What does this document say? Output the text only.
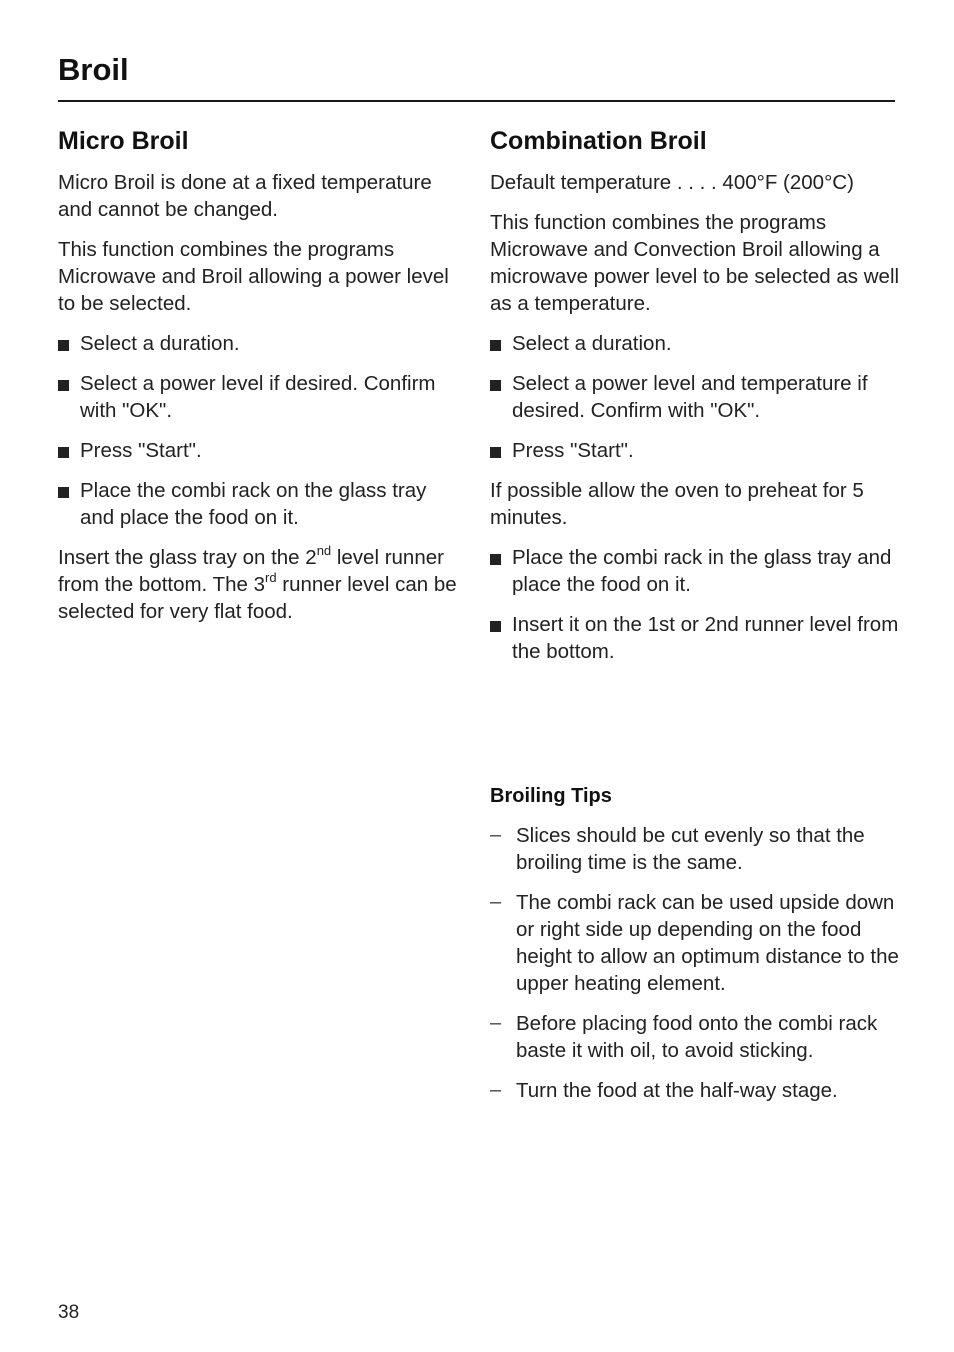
Broil
Micro Broil

Micro Broil is done at a fixed temperature and cannot be changed.

This function combines the programs Microwave and Broil allowing a power level to be selected.

Select a duration.
Select a power level if desired. Confirm with "OK".
Press "Start".
Place the combi rack on the glass tray and place the food on it.

Insert the glass tray on the 2nd level runner from the bottom. The 3rd runner level can be selected for very flat food.

Combination Broil

Default temperature . . . . 400°F (200°C)

This function combines the programs Microwave and Convection Broil allowing a microwave power level to be selected as well as a temperature.

Select a duration.
Select a power level and temperature if desired. Confirm with "OK".
Press "Start".

If possible allow the oven to preheat for 5 minutes.

Place the combi rack in the glass tray and place the food on it.
Insert it on the 1st or 2nd runner level from the bottom.
Broiling Tips
– Slices should be cut evenly so that the broiling time is the same.
– The combi rack can be used upside down or right side up depending on the food height to allow an optimum distance to the upper heating element.
– Before placing food onto the combi rack baste it with oil, to avoid sticking.
– Turn the food at the half-way stage.
38
